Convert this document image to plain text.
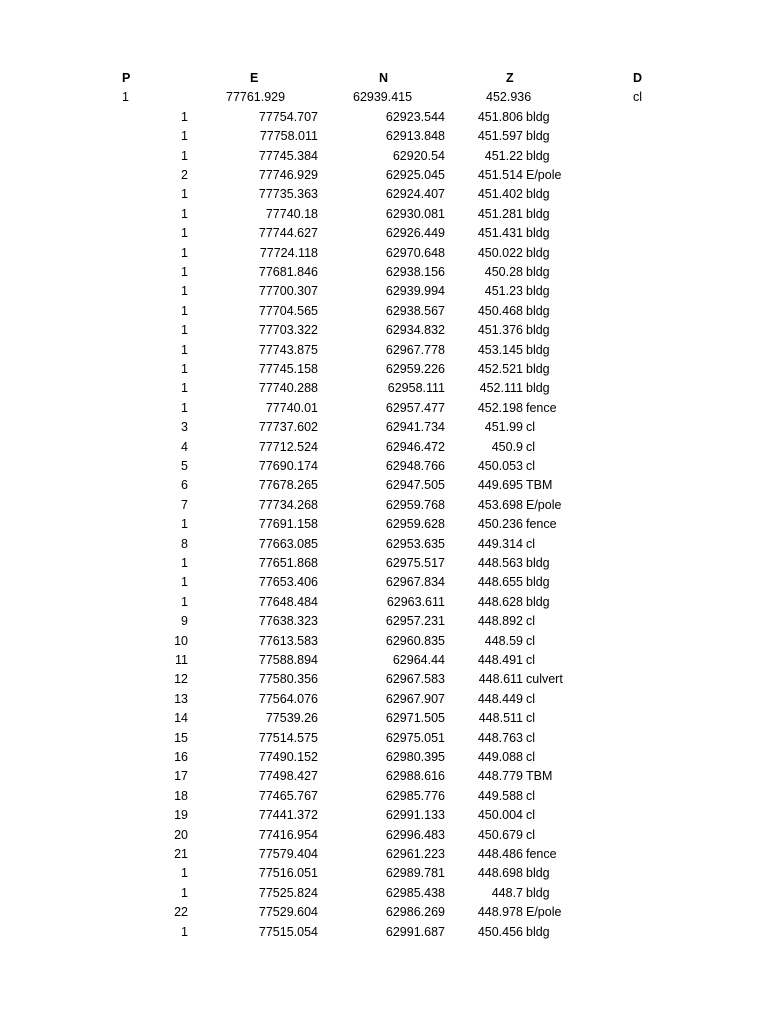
P	E	N	Z	D
1	77761.929	62939.415	452.936	cl
1	77754.707	62923.544	451.806 bldg
1	77758.011	62913.848	451.597 bldg
1	77745.384	62920.54	451.22 bldg
2	77746.929	62925.045	451.514 E/pole
1	77735.363	62924.407	451.402 bldg
1	77740.18	62930.081	451.281 bldg
1	77744.627	62926.449	451.431 bldg
1	77724.118	62970.648	450.022 bldg
1	77681.846	62938.156	450.28 bldg
1	77700.307	62939.994	451.23 bldg
1	77704.565	62938.567	450.468 bldg
1	77703.322	62934.832	451.376 bldg
1	77743.875	62967.778	453.145 bldg
1	77745.158	62959.226	452.521 bldg
1	77740.288	62958.111	452.111 bldg
1	77740.01	62957.477	452.198 fence
3	77737.602	62941.734	451.99 cl
4	77712.524	62946.472	450.9 cl
5	77690.174	62948.766	450.053 cl
6	77678.265	62947.505	449.695 TBM
7	77734.268	62959.768	453.698 E/pole
1	77691.158	62959.628	450.236 fence
8	77663.085	62953.635	449.314 cl
1	77651.868	62975.517	448.563 bldg
1	77653.406	62967.834	448.655 bldg
1	77648.484	62963.611	448.628 bldg
9	77638.323	62957.231	448.892 cl
10	77613.583	62960.835	448.59 cl
11	77588.894	62964.44	448.491 cl
12	77580.356	62967.583	448.611 culvert
13	77564.076	62967.907	448.449 cl
14	77539.26	62971.505	448.511 cl
15	77514.575	62975.051	448.763 cl
16	77490.152	62980.395	449.088 cl
17	77498.427	62988.616	448.779 TBM
18	77465.767	62985.776	449.588 cl
19	77441.372	62991.133	450.004 cl
20	77416.954	62996.483	450.679 cl
21	77579.404	62961.223	448.486 fence
1	77516.051	62989.781	448.698 bldg
1	77525.824	62985.438	448.7 bldg
22	77529.604	62986.269	448.978 E/pole
1	77515.054	62991.687	450.456 bldg
